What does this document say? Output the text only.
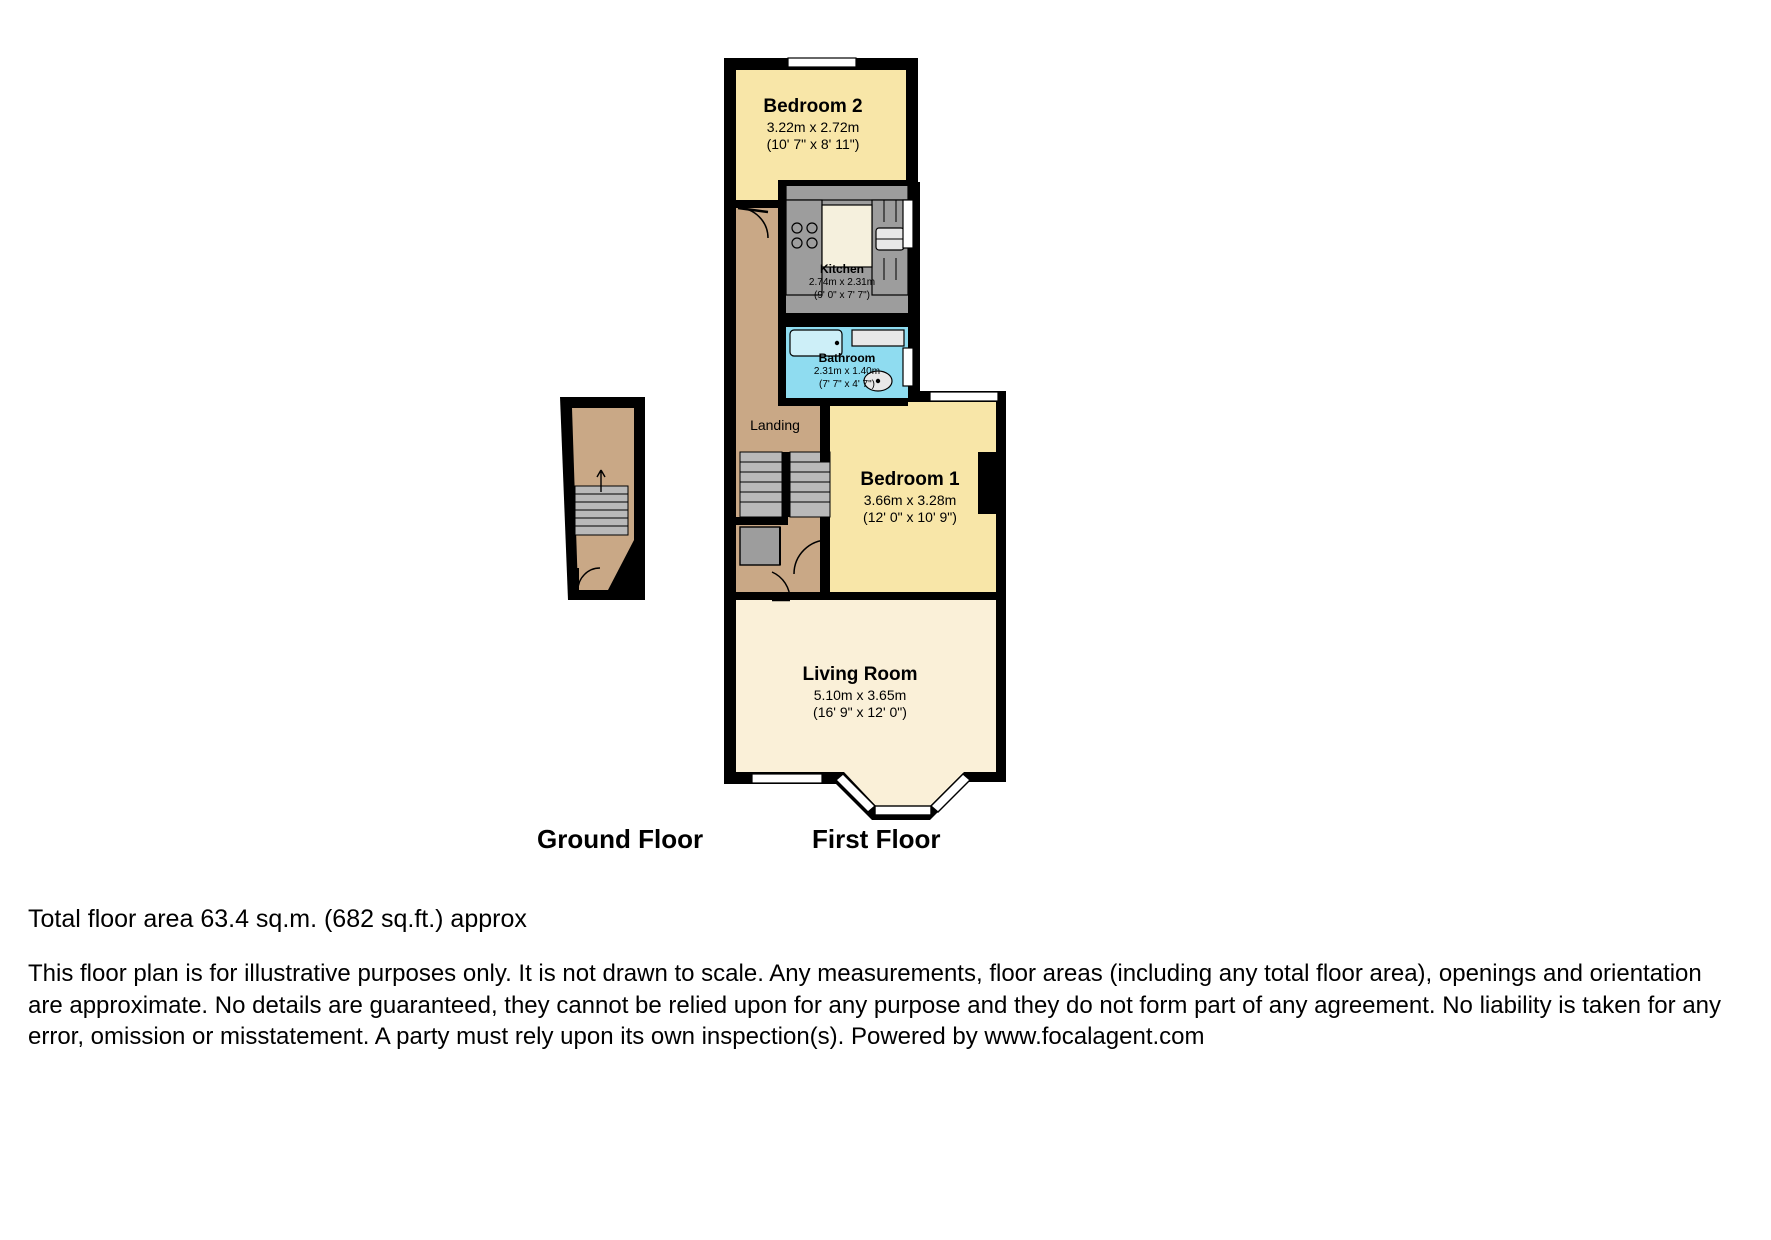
Bedroom 2
3.22m x 2.72m
(10' 7" x 8' 11")
Kitchen
2.74m x 2.31m
(9' 0" x 7' 7")
Bathroom
2.31m x 1.40m
(7' 7" x 4' 7")
Landing
Bedroom 1
3.66m x 3.28m
(12' 0" x 10' 9")
Living Room
5.10m x 3.65m
(16' 9" x 12' 0")
Ground Floor	First Floor

Total floor area 63.4 sq.m. (682 sq.ft.) approx

This floor plan is for illustrative purposes only. It is not drawn to scale. Any measurements, floor areas (including any total floor area), openings and orientation are approximate. No details are guaranteed, they cannot be relied upon for any purpose and they do not form part of any agreement. No liability is taken for any error, omission or misstatement. A party must rely upon its own inspection(s). Powered by www.focalagent.com
